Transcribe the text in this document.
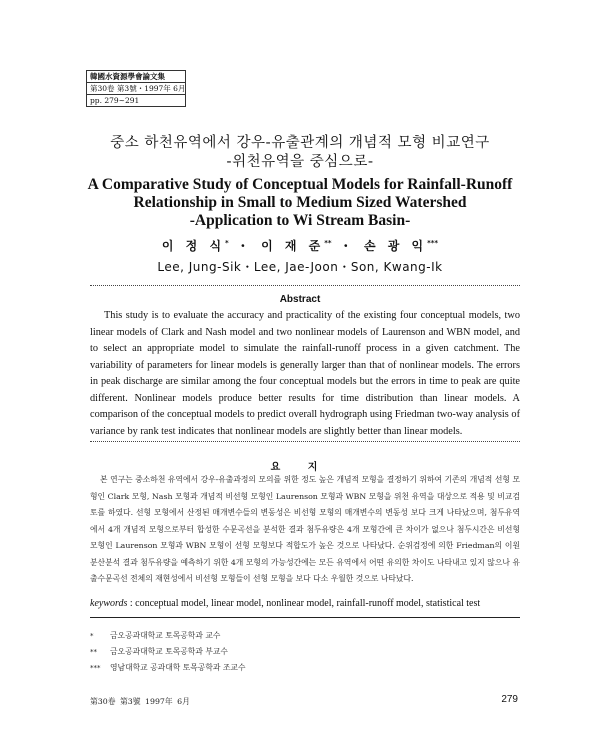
韓國水資源學會論文集
第30卷 第3號・1997年 6月
pp. 279~291
중소 하천유역에서 강우-유출관계의 개념적 모형 비교연구
-위천유역을 중심으로-
A Comparative Study of Conceptual Models for Rainfall-Runoff
Relationship in Small to Medium Sized Watershed
-Application to Wi Stream Basin-
이 정 식* ・ 이 재 준** ・ 손 광 익***
Lee, Jung-Sik・Lee, Jae-Joon・Son, Kwang-Ik
Abstract
This study is to evaluate the accuracy and practicality of the existing four conceptual models, two linear models of Clark and Nash model and two nonlinear models of Laurenson and WBN model, and to select an appropriate model to simulate the rainfall-runoff process in a given catchment. The variability of parameters for linear models is generally larger than that of nonlinear models. The errors in peak discharge are similar among the four conceptual models but the errors in time to peak are quite different. Nonlinear models produce better results for time distribution than linear models. A comparison of the conceptual models to predict overall hydrograph using Friedman two-way analysis of variance by rank test indicates that nonlinear models are slightly better than linear models.
요 지
본 연구는 중소하천 유역에서 강우-유출과정의 모의를 위한 정도 높은 개념적 모형을 결정하기 위하여 기존의 개념적 선형 모형인 Clark 모형, Nash 모형과 개념적 비선형 모형인 Laurenson 모형과 WBN 모형을 위천 유역을 대상으로 적용 및 비교검토를 하였다. 선형 모형에서 산정된 매개변수들의 변동성은 비선형 모형의 매개변수의 변동성 보다 크게 나타났으며, 첨두유역에서 4개 개념적 모형으로부터 합성한 수문곡선을 분석한 결과 첨두유량은 4개 모형간에 큰 차이가 없으나 첨두시간은 비선형 모형인 Laurenson 모형과 WBN 모형이 선형 모형보다 적합도가 높은 것으로 나타났다. 순위검정에 의한 Friedman의 이원분산분석 결과 첨두유량을 예측하기 위한 4개 모형의 가능성간에는 모든 유역에서 어떤 유의한 차이도 나타내고 있지 않으나 유출수문곡선 전체의 재현성에서 비선형 모형들이 선형 모형을 보다 다소 우월한 것으로 나타났다.
keywords : conceptual model, linear model, nonlinear model, rainfall-runoff model, statistical test
* 금오공과대학교 토목공학과 교수
** 금오공과대학교 토목공학과 부교수
*** 영남대학교 공과대학 토목공학과 조교수
第30卷 第3號 1997年 6月	279
